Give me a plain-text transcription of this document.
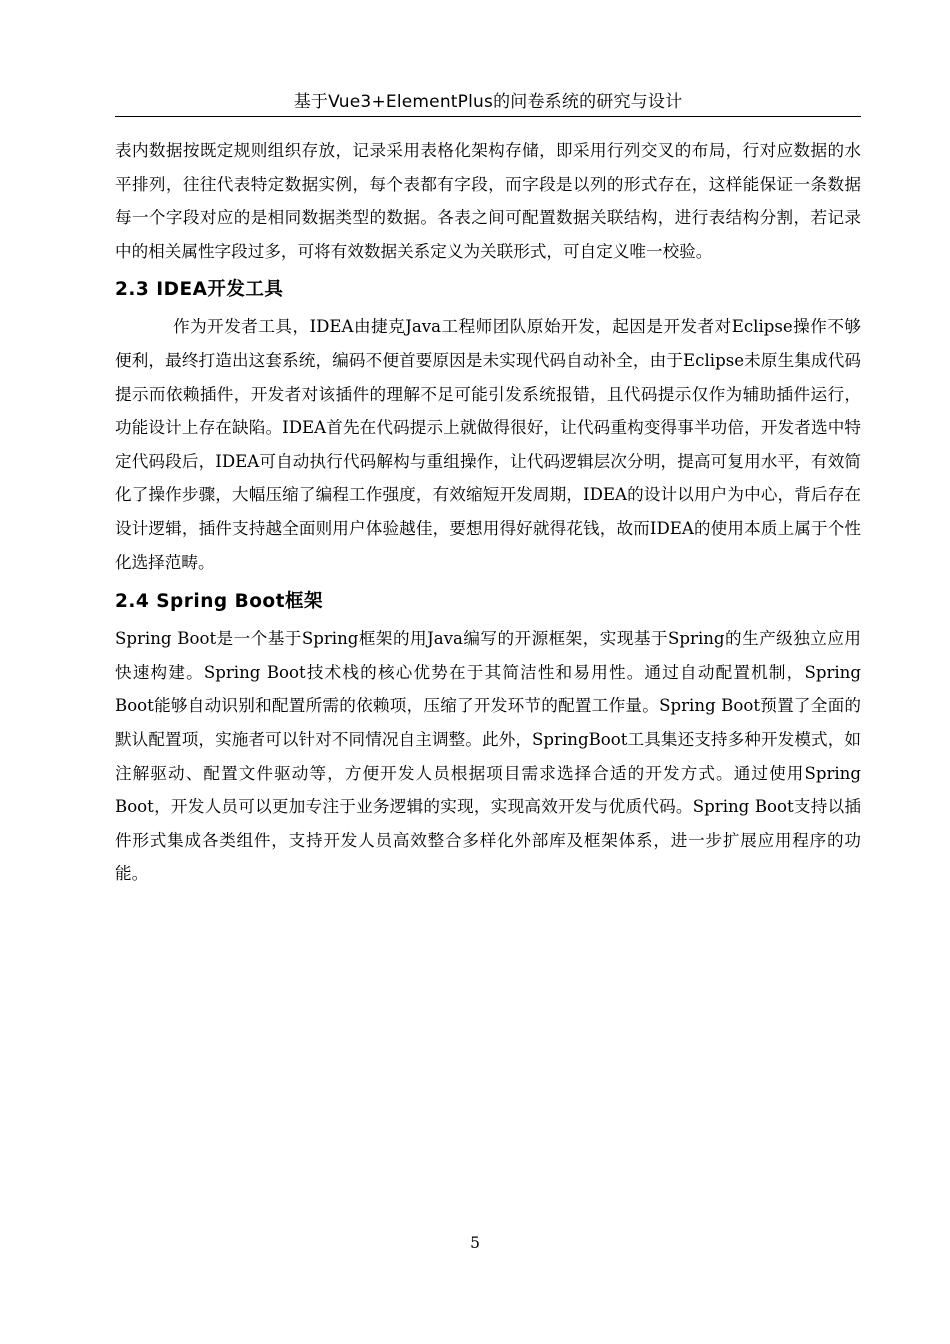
基于Vue3+ElementPlus的问卷系统的研究与设计

表内数据按既定规则组织存放，记录采用表格化架构存储，即采用行列交叉的布局，行对应数据的水平排列，往往代表特定数据实例，每个表都有字段，而字段是以列的形式存在，这样能保证一条数据每一个字段对应的是相同数据类型的数据。各表之间可配置数据关联结构，进行表结构分割，若记录中的相关属性字段过多，可将有效数据关系定义为关联形式，可自定义唯一校验。

2.3 IDEA开发工具

作为开发者工具，IDEA由捷克Java工程师团队原始开发，起因是开发者对Eclipse操作不够便利，最终打造出这套系统，编码不便首要原因是未实现代码自动补全，由于Eclipse未原生集成代码提示而依赖插件，开发者对该插件的理解不足可能引发系统报错，且代码提示仅作为辅助插件运行，功能设计上存在缺陷。IDEA首先在代码提示上就做得很好，让代码重构变得事半功倍，开发者选中特定代码段后，IDEA可自动执行代码解构与重组操作，让代码逻辑层次分明，提高可复用水平，有效简化了操作步骤，大幅压缩了编程工作强度，有效缩短开发周期，IDEA的设计以用户为中心，背后存在设计逻辑，插件支持越全面则用户体验越佳，要想用得好就得花钱，故而IDEA的使用本质上属于个性化选择范畴。

2.4 Spring Boot框架

Spring Boot是一个基于Spring框架的用Java编写的开源框架，实现基于Spring的生产级独立应用快速构建。Spring Boot技术栈的核心优势在于其简洁性和易用性。通过自动配置机制，Spring Boot能够自动识别和配置所需的依赖项，压缩了开发环节的配置工作量。Spring Boot预置了全面的默认配置项，实施者可以针对不同情况自主调整。此外，SpringBoot工具集还支持多种开发模式，如注解驱动、配置文件驱动等，方便开发人员根据项目需求选择合适的开发方式。通过使用Spring Boot，开发人员可以更加专注于业务逻辑的实现，实现高效开发与优质代码。Spring Boot支持以插件形式集成各类组件，支持开发人员高效整合多样化外部库及框架体系，进一步扩展应用程序的功能。

5
